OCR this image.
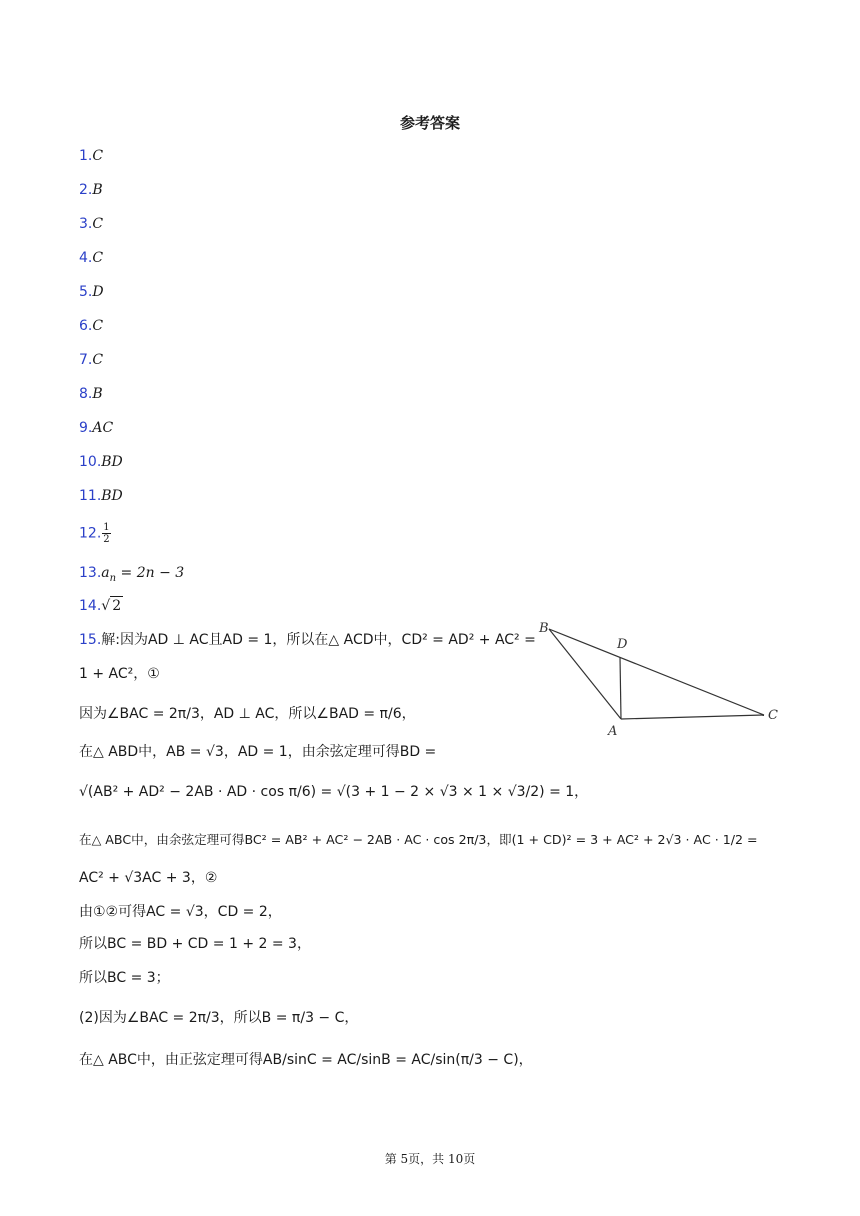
参考答案
1.C
2.B
3.C
4.C
5.D
6.C
7.C
8.B
9.AC
10.BD
11.BD
12. $\frac{1}{2}$
$13.a_n = 2n - 3$
14.√ 2
15.解:因为AD ⊥ AC且AD = 1，所以在△ ACD中，CD² = AD² + AC² =
1 + AC²，①
因为∠BAC = 2π/3，AD ⊥ AC，所以∠BAD = π/6，
在△ ABD中，AB = √3，AD = 1，由余弦定理可得BD =
√(AB² + AD² − 2AB · AD · cos π/6) = √(3 + 1 − 2 × √3 × 1 × √3/2) = 1，
在△ ABC中，由余弦定理可得BC² = AB² + AC² − 2AB · AC · cos 2π/3，即(1 + CD)² = 3 + AC² + 2√3 · AC · 1/2 =
AC² + √3AC + 3，②
由①②可得AC = √3，CD = 2，
所以BC = BD + CD = 1 + 2 = 3，
所以BC = 3；
(2)因为∠BAC = 2π/3，所以B = π/3 − C，
在△ ABC中，由正弦定理可得AB/sinC = AC/sinB = AC/sin(π/3 − C)，
B
D
A
C
第 5页，共 10页
